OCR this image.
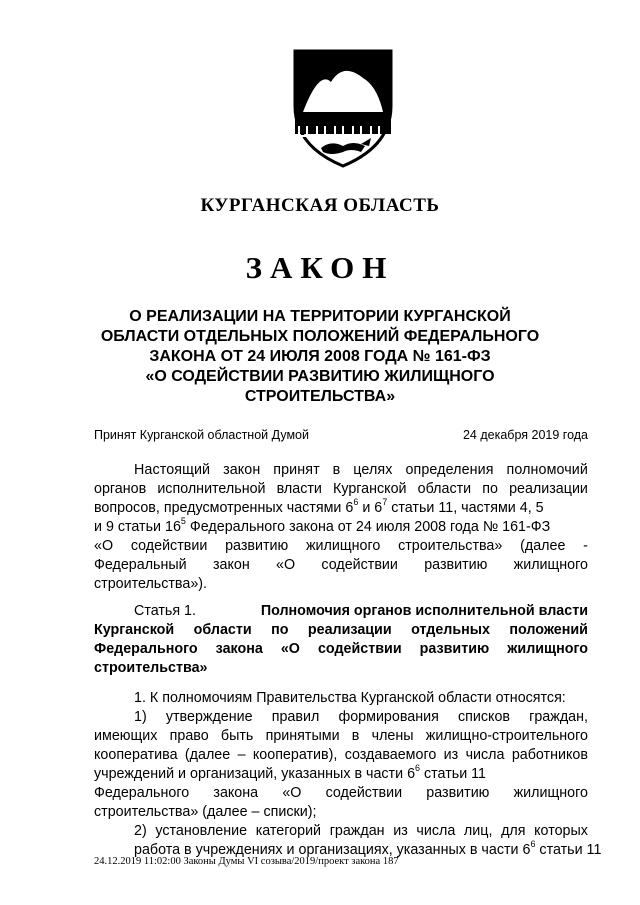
КУРГАНСКАЯ ОБЛАСТЬ
ЗАКОН
О РЕАЛИЗАЦИИ НА ТЕРРИТОРИИ КУРГАНСКОЙ
ОБЛАСТИ ОТДЕЛЬНЫХ ПОЛОЖЕНИЙ ФЕДЕРАЛЬНОГО
ЗАКОНА ОТ 24 ИЮЛЯ 2008 ГОДА № 161-ФЗ
«О СОДЕЙСТВИИ РАЗВИТИЮ ЖИЛИЩНОГО
СТРОИТЕЛЬСТВА»
Принят Курганской областной Думой	24 декабря 2019 года
Настоящий закон принят в целях определения полномочий
органов исполнительной власти Курганской области по реализации
вопросов, предусмотренных частями $6^6$ и $6^7$ статьи 11, частями 4, 5
и 9 статьи $16^5$ Федерального закона от 24 июля 2008 года № 161-ФЗ
«О содействии развитию жилищного строительства» (далее -
Федеральный закон «О содействии развитию жилищного
строительства»).
Статья 1.
	Полномочия органов исполнительной власти
Курганской области по реализации отдельных положений
Федерального закона «О содействии развитию жилищного
строительства»
1. К полномочиям Правительства Курганской области относятся:
1) утверждение правил формирования списков граждан,
имеющих право быть принятыми в члены жилищно-строительного
кооператива (далее – кооператив), создаваемого из числа работников
учреждений и организаций, указанных в части $6^6$ статьи 11
Федерального закона «О содействии развитию жилищного
строительства» (далее – списки);
2) установление категорий граждан из числа лиц, для которых
работа в учреждениях и организациях, указанных в части $6^6$ статьи 11
24.12.2019 11:02:00 Законы Думы VI созыва/2019/проект закона 187
